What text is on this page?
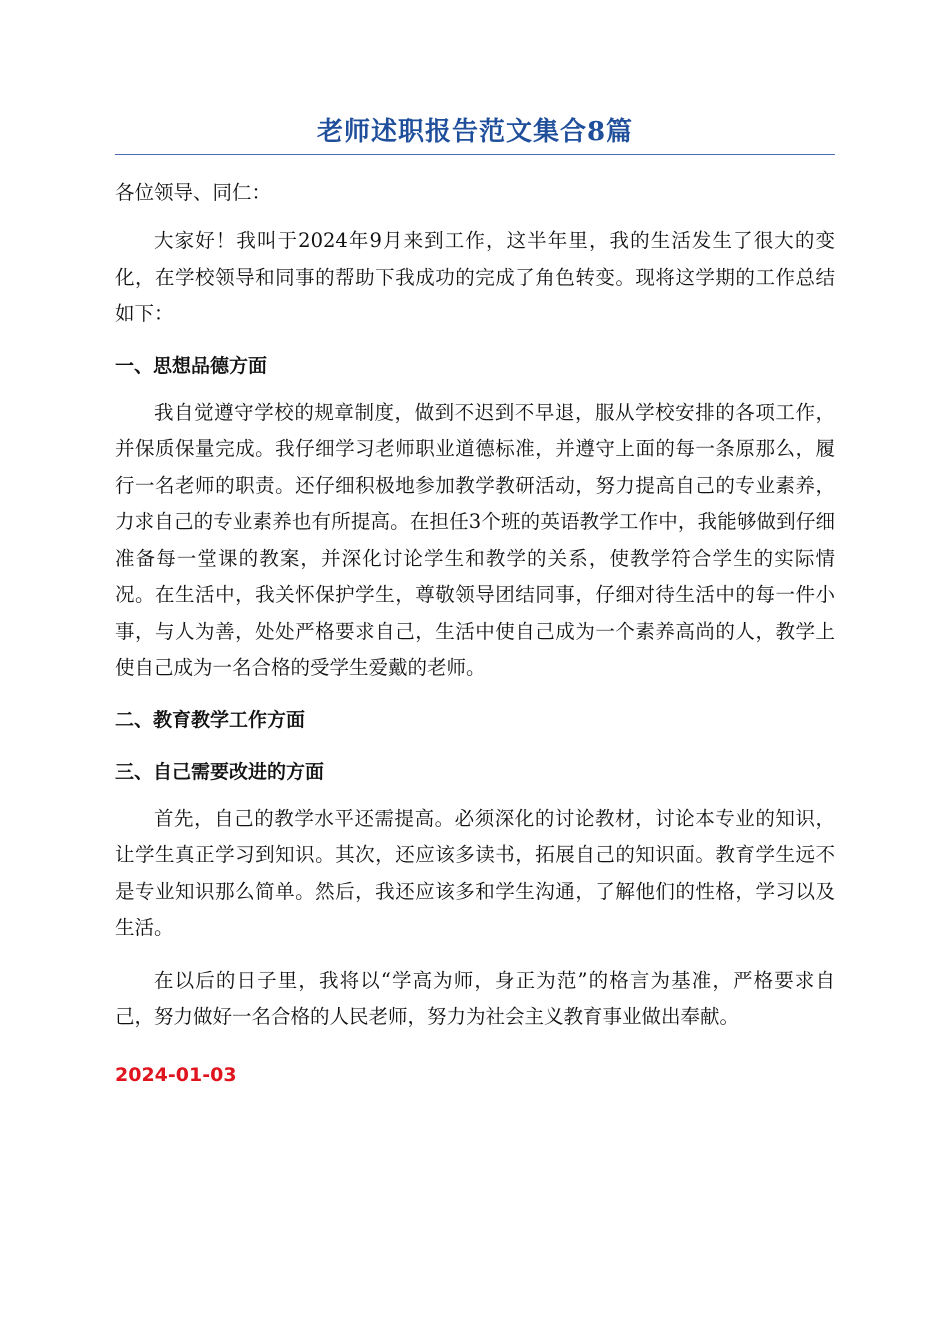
老师述职报告范文集合8篇

各位领导、同仁：

大家好！我叫于2024年9月来到工作，这半年里，我的生活发生了很大的变化，在学校领导和同事的帮助下我成功的完成了角色转变。现将这学期的工作总结如下：

一、思想品德方面

我自觉遵守学校的规章制度，做到不迟到不早退，服从学校安排的各项工作，并保质保量完成。我仔细学习老师职业道德标准，并遵守上面的每一条原那么，履行一名老师的职责。还仔细积极地参加教学教研活动，努力提高自己的专业素养，力求自己的专业素养也有所提高。在担任3个班的英语教学工作中，我能够做到仔细准备每一堂课的教案，并深化讨论学生和教学的关系，使教学符合学生的实际情况。在生活中，我关怀保护学生，尊敬领导团结同事，仔细对待生活中的每一件小事，与人为善，处处严格要求自己，生活中使自己成为一个素养高尚的人，教学上使自己成为一名合格的受学生爱戴的老师。

二、教育教学工作方面
三、自己需要改进的方面

首先，自己的教学水平还需提高。必须深化的讨论教材，讨论本专业的知识，让学生真正学习到知识。其次，还应该多读书，拓展自己的知识面。教育学生远不是专业知识那么简单。然后，我还应该多和学生沟通，了解他们的性格，学习以及生活。

在以后的日子里，我将以“学高为师，身正为范”的格言为基准，严格要求自己，努力做好一名合格的人民老师，努力为社会主义教育事业做出奉献。

2024-01-03
